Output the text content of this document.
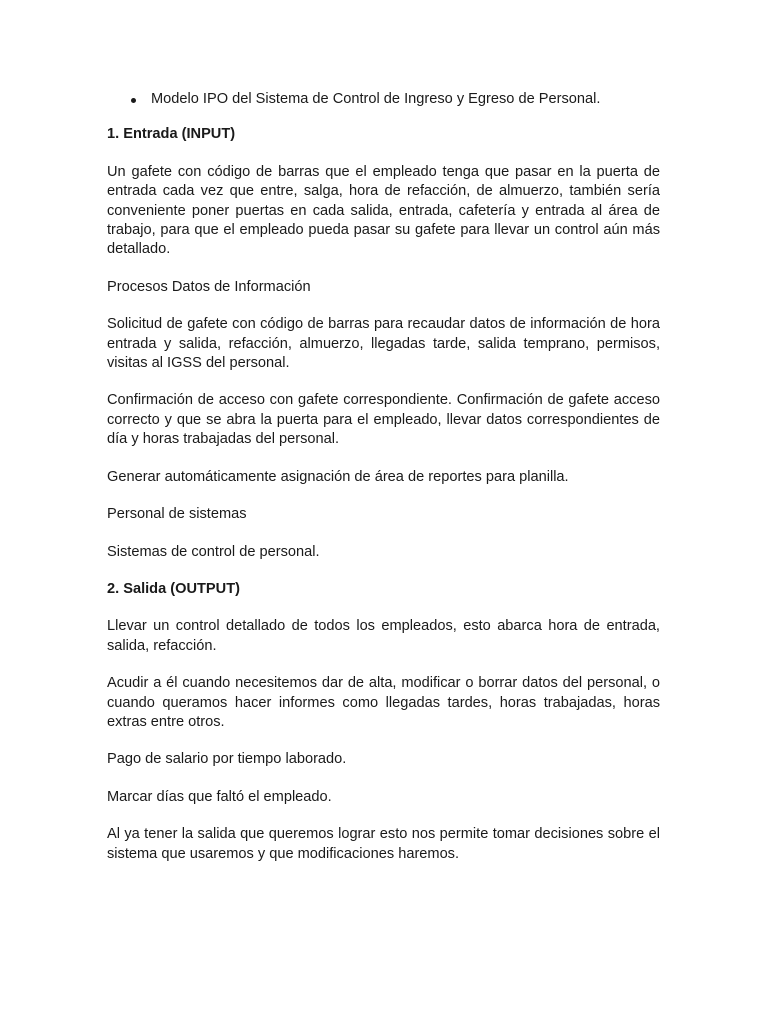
Modelo IPO del Sistema de Control de Ingreso y Egreso de Personal.

1. Entrada (INPUT)

Un gafete con código de barras que el empleado tenga que pasar en la puerta de entrada cada vez que entre, salga, hora de refacción, de almuerzo, también sería conveniente poner puertas en cada salida, entrada, cafetería y entrada al área de trabajo, para que el empleado pueda pasar su gafete para llevar un control aún más detallado.

Procesos Datos de Información

Solicitud de gafete con código de barras para recaudar datos de información de hora entrada y salida, refacción, almuerzo, llegadas tarde, salida temprano, permisos, visitas al IGSS del personal.

Confirmación de acceso con gafete correspondiente. Confirmación de gafete acceso correcto y que se abra la puerta para el empleado, llevar datos correspondientes de día y horas trabajadas del personal.

Generar automáticamente asignación de área de reportes para planilla.

Personal de sistemas

Sistemas de control de personal.

2. Salida (OUTPUT)

Llevar un control detallado de todos los empleados, esto abarca hora de entrada, salida, refacción.

Acudir a él cuando necesitemos dar de alta, modificar o borrar datos del personal, o cuando queramos hacer informes como llegadas tardes, horas trabajadas, horas extras entre otros.

Pago de salario por tiempo laborado.

Marcar días que faltó el empleado.

Al ya tener la salida que queremos lograr esto nos permite tomar decisiones sobre el sistema que usaremos y que modificaciones haremos.
